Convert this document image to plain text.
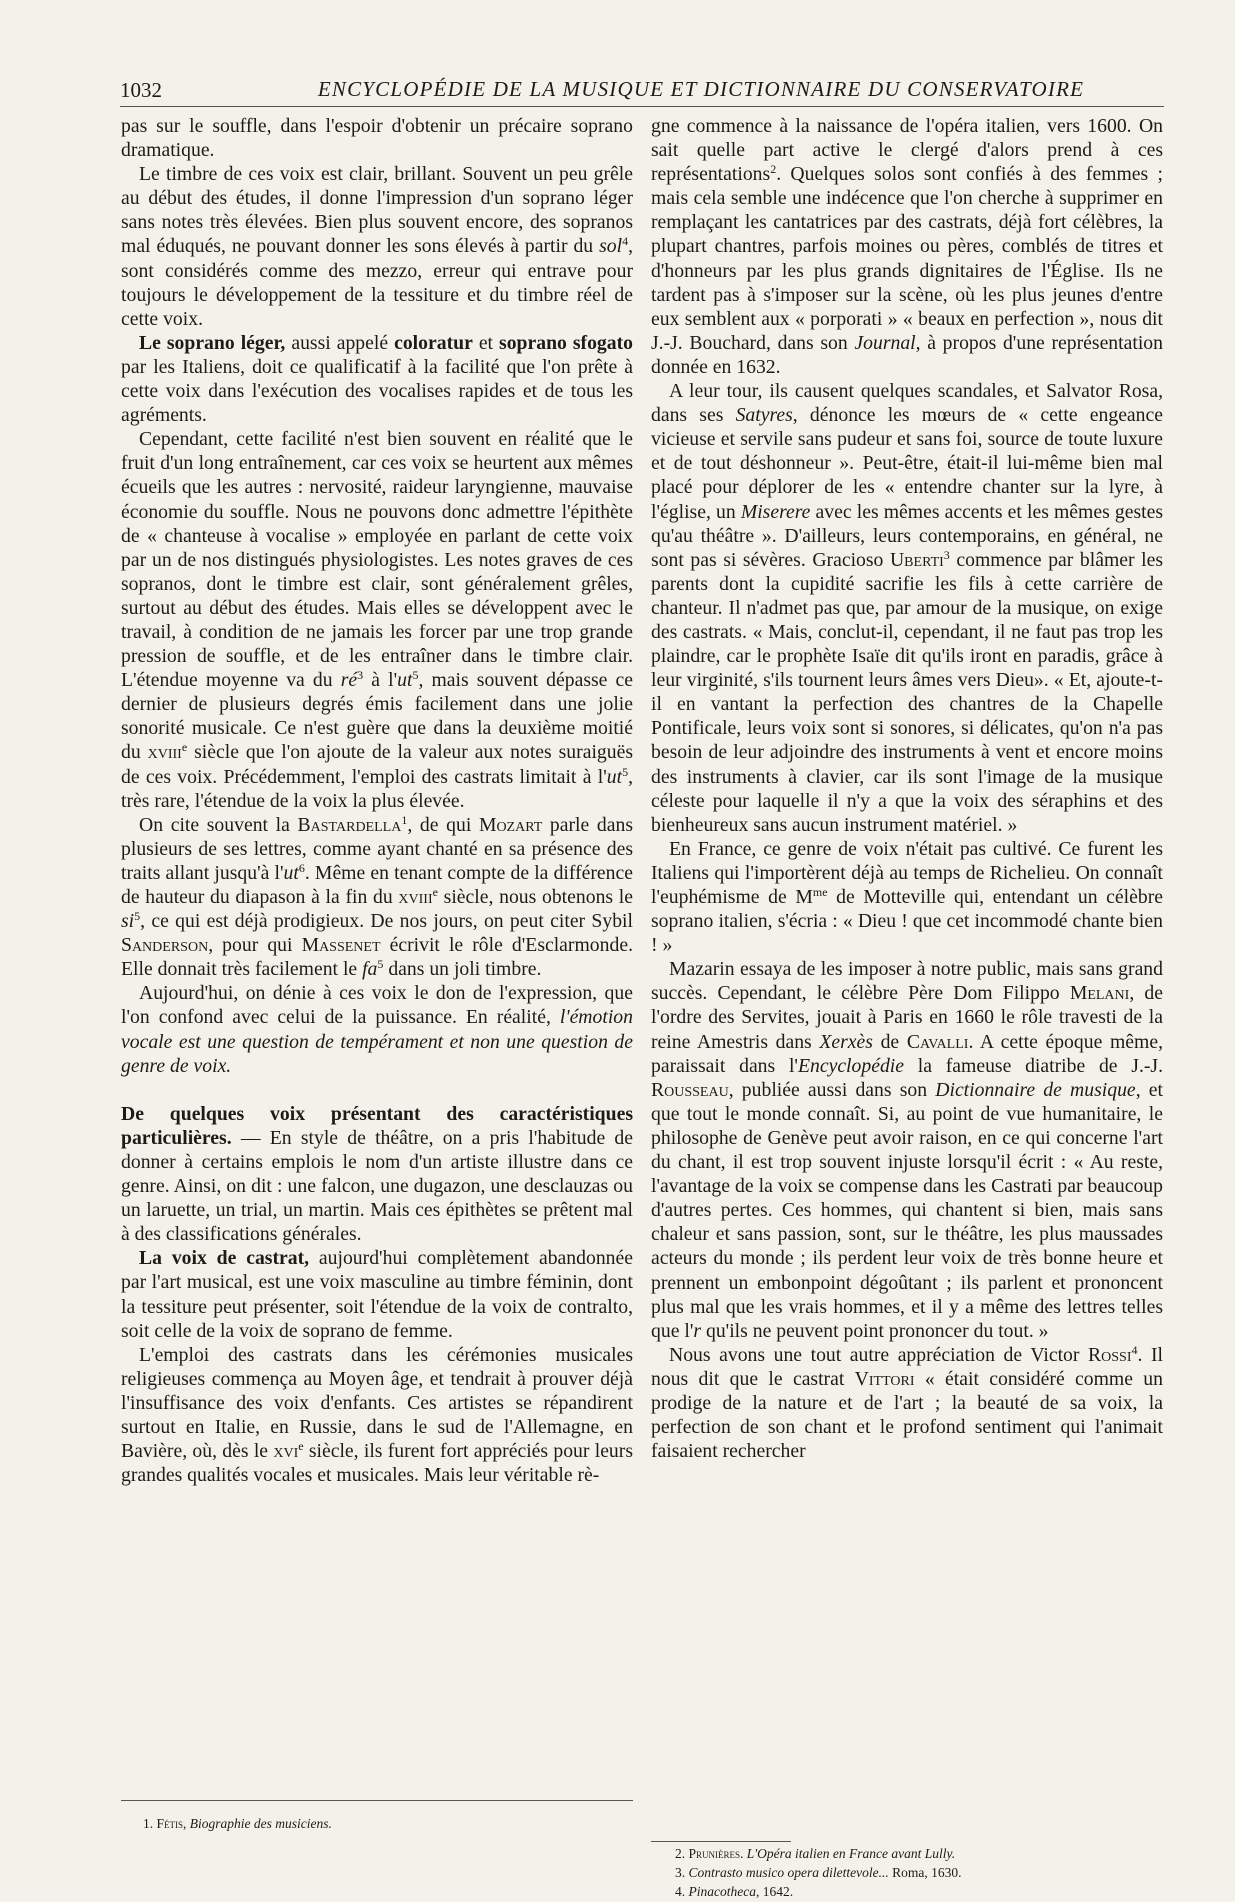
1032	ENCYCLOPÉDIE DE LA MUSIQUE ET DICTIONNAIRE DU CONSERVATOIRE

pas sur le souffle, dans l'espoir d'obtenir un précaire soprano dramatique.

Le timbre de ces voix est clair, brillant. Souvent un peu grêle au début des études, il donne l'impression d'un soprano léger sans notes très élevées. Bien plus souvent encore, des sopranos mal éduqués, ne pouvant donner les sons élevés à partir du sol$^4$, sont considérés comme des mezzo, erreur qui entrave pour toujours le développement de la tessiture et du timbre réel de cette voix.

Le soprano léger, aussi appelé coloratur et soprano sfogato par les Italiens, doit ce qualificatif à la facilité que l'on prête à cette voix dans l'exécution des vocalises rapides et de tous les agréments.

Cependant, cette facilité n'est bien souvent en réalité que le fruit d'un long entraînement, car ces voix se heurtent aux mêmes écueils que les autres : nervosité, raideur laryngienne, mauvaise économie du souffle. Nous ne pouvons donc admettre l'épithète de « chanteuse à vocalise » employée en parlant de cette voix par un de nos distingués physiologistes. Les notes graves de ces sopranos, dont le timbre est clair, sont généralement grêles, surtout au début des études. Mais elles se développent avec le travail, à condition de ne jamais les forcer par une trop grande pression de souffle, et de les entraîner dans le timbre clair. L'étendue moyenne va du $ré^3$ à $l'ut^5$, mais souvent dépasse ce dernier de plusieurs degrés émis facilement dans une jolie sonorité musicale. Ce n'est guère que dans la deuxième moitié du xviii$^e$ siècle que l'on ajoute de la valeur aux notes suraiguës de ces voix. Précédemment, l'emploi des castrats limitait à $l'ut^5$, très rare, l'étendue de la voix la plus élevée.

On cite souvent la Bastardella$^1$, de qui Mozart parle dans plusieurs de ses lettres, comme ayant chanté en sa présence des traits allant jusqu'à $l'ut^6$. Même en tenant compte de la différence de hauteur du diapason à la fin du xviii$^e$ siècle, nous obtenons le $si^5$, ce qui est déjà prodigieux. De nos jours, on peut citer Sybil Sanderson, pour qui Massenet écrivit le rôle d'Esclarmonde. Elle donnait très facilement le $fa^5$ dans un joli timbre.

Aujourd'hui, on dénie à ces voix le don de l'expression, que l'on confond avec celui de la puissance. En réalité, l'émotion vocale est une question de tempérament et non une question de genre de voix.

De quelques voix présentant des caractéristiques particulières. — En style de théâtre, on a pris l'habitude de donner à certains emplois le nom d'un artiste illustre dans ce genre. Ainsi, on dit : une falcon, une dugazon, une desclauzas ou un laruette, un trial, un martin. Mais ces épithètes se prêtent mal à des classifications générales.

La voix de castrat, aujourd'hui complètement abandonnée par l'art musical, est une voix masculine au timbre féminin, dont la tessiture peut présenter, soit l'étendue de la voix de contralto, soit celle de la voix de soprano de femme.

L'emploi des castrats dans les cérémonies musicales religieuses commença au Moyen âge, et tendrait à prouver déjà l'insuffisance des voix d'enfants. Ces artistes se répandirent surtout en Italie, en Russie, dans le sud de l'Allemagne, en Bavière, où, dès le xvi$^e$ siècle, ils furent fort appréciés pour leurs grandes qualités vocales et musicales. Mais leur véritable rè-

gne commence à la naissance de l'opéra italien, vers 1600. On sait quelle part active le clergé d'alors prend à ces représentations$^2$. Quelques solos sont confiés à des femmes ; mais cela semble une indécence que l'on cherche à supprimer en remplaçant les cantatrices par des castrats, déjà fort célèbres, la plupart chantres, parfois moines ou pères, comblés de titres et d'honneurs par les plus grands dignitaires de l'Église. Ils ne tardent pas à s'imposer sur la scène, où les plus jeunes d'entre eux semblent aux « porporati » « beaux en perfection », nous dit J.-J. Bouchard, dans son Journal, à propos d'une représentation donnée en 1632.

A leur tour, ils causent quelques scandales, et Salvator Rosa, dans ses Satyres, dénonce les mœurs de « cette engeance vicieuse et servile sans pudeur et sans foi, source de toute luxure et de tout déshonneur ». Peut-être, était-il lui-même bien mal placé pour déplorer de les « entendre chanter sur la lyre, à l'église, un Miserere avec les mêmes accents et les mêmes gestes qu'au théâtre ». D'ailleurs, leurs contemporains, en général, ne sont pas si sévères. Gracioso Uberti$^3$ commence par blâmer les parents dont la cupidité sacrifie les fils à cette carrière de chanteur. Il n'admet pas que, par amour de la musique, on exige des castrats. « Mais, conclut-il, cependant, il ne faut pas trop les plaindre, car le prophète Isaïe dit qu'ils iront en paradis, grâce à leur virginité, s'ils tournent leurs âmes vers Dieu». « Et, ajoute-t-il en vantant la perfection des chantres de la Chapelle Pontificale, leurs voix sont si sonores, si délicates, qu'on n'a pas besoin de leur adjoindre des instruments à vent et encore moins des instruments à clavier, car ils sont l'image de la musique céleste pour laquelle il n'y a que la voix des séraphins et des bienheureux sans aucun instrument matériel. »

En France, ce genre de voix n'était pas cultivé. Ce furent les Italiens qui l'importèrent déjà au temps de Richelieu. On connaît l'euphémisme de $M^{me}$ de Motteville qui, entendant un célèbre soprano italien, s'écria : « Dieu ! que cet incommodé chante bien ! »

Mazarin essaya de les imposer à notre public, mais sans grand succès. Cependant, le célèbre Père Dom Filippo Melani, de l'ordre des Servites, jouait à Paris en 1660 le rôle travesti de la reine Amestris dans Xerxès de Cavalli. A cette époque même, paraissait dans l'Encyclopédie la fameuse diatribe de J.-J. Rousseau, publiée aussi dans son Dictionnaire de musique, et que tout le monde connaît. Si, au point de vue humanitaire, le philosophe de Genève peut avoir raison, en ce qui concerne l'art du chant, il est trop souvent injuste lorsqu'il écrit : « Au reste, l'avantage de la voix se compense dans les Castrati par beaucoup d'autres pertes. Ces hommes, qui chantent si bien, mais sans chaleur et sans passion, sont, sur le théâtre, les plus maussades acteurs du monde ; ils perdent leur voix de très bonne heure et prennent un embonpoint dégoûtant ; ils parlent et prononcent plus mal que les vrais hommes, et il y a même des lettres telles que l'r qu'ils ne peuvent point prononcer du tout. »

Nous avons une tout autre appréciation de Victor Rossi$^4$. Il nous dit que le castrat Vittori « était considéré comme un prodige de la nature et de l'art ; la beauté de sa voix, la perfection de son chant et le profond sentiment qui l'animait faisaient rechercher

1. Fétis, Biographie des musiciens.

2. Prunières. L'Opéra italien en France avant Lully.

3. Contrasto musico opera dilettevole... Roma, 1630.

4. Pinacotheca, 1642.
